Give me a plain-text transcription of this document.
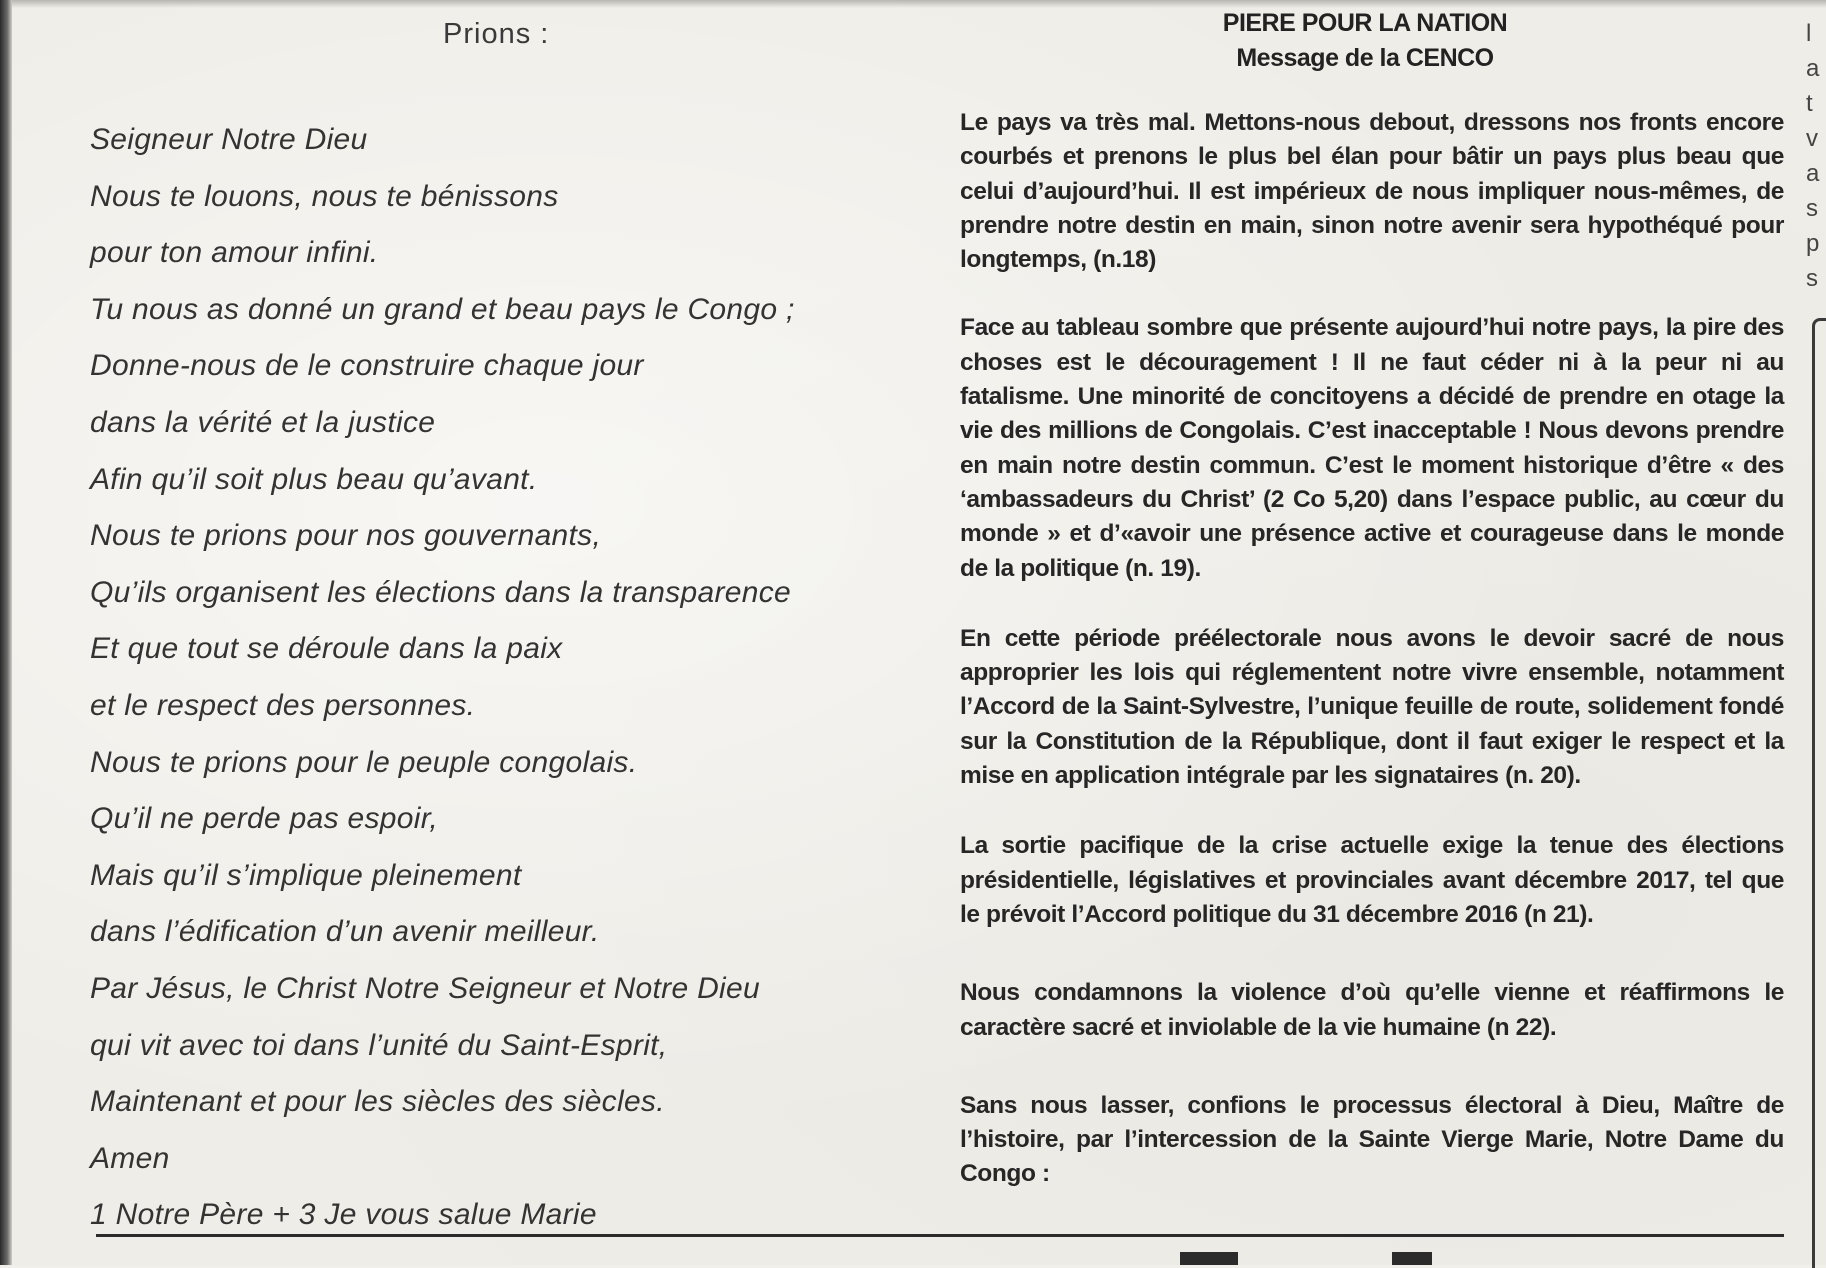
Prions :
Seigneur Notre Dieu
Nous te louons, nous te bénissons
pour ton amour infini.
Tu nous as donné un grand et beau pays le Congo ;
Donne-nous de le construire chaque jour
dans la vérité et la justice
Afin qu’il soit plus beau qu’avant.
Nous te prions pour nos gouvernants,
Qu’ils organisent les élections dans la transparence
Et que tout se déroule dans la paix
et le respect des personnes.
Nous te prions pour le peuple congolais.
Qu’il ne perde pas espoir,
Mais qu’il s’implique pleinement
dans l’édification d’un avenir meilleur.
Par Jésus, le Christ Notre Seigneur et Notre Dieu
qui vit avec toi dans l’unité du Saint-Esprit,
Maintenant et pour les siècles des siècles.
Amen
1 Notre Père + 3 Je vous salue Marie
PIERE POUR LA NATION
Message de la CENCO

Le pays va très mal. Mettons-nous debout, dressons nos fronts encore courbés et prenons le plus bel élan pour bâtir un pays plus beau que celui d’aujourd’hui. Il est impérieux de nous impliquer nous-mêmes, de prendre notre destin en main, sinon notre avenir sera hypothéqué pour longtemps, (n.18)

Face au tableau sombre que présente aujourd’hui notre pays, la pire des choses est le découragement ! Il ne faut céder ni à la peur ni au fatalisme. Une minorité de concitoyens a décidé de prendre en otage la vie des millions de Congolais. C’est inacceptable ! Nous devons prendre en main notre destin commun. C’est le moment historique d’être « des ‘ambassadeurs du Christ’ (2 Co 5,20) dans l’espace public, au cœur du monde » et d’«avoir une présence active et courageuse dans le monde de la politique (n. 19).

En cette période préélectorale nous avons le devoir sacré de nous approprier les lois qui réglementent notre vivre ensemble, notamment l’Accord de la Saint-Sylvestre, l’unique feuille de route, solidement fondé sur la Constitution de la République, dont il faut exiger le respect et la mise en application intégrale par les signataires (n. 20).

La sortie pacifique de la crise actuelle exige la tenue des élections présidentielle, législatives et provinciales avant décembre 2017, tel que le prévoit l’Accord politique du 31 décembre 2016 (n 21).

Nous condamnons la violence d’où qu’elle vienne et réaffirmons le caractère sacré et inviolable de la vie humaine (n 22).

Sans nous lasser, confions le processus électoral à Dieu, Maître de l’histoire, par l’intercession de la Sainte Vierge Marie, Notre Dame du Congo :

l
a
t
v
a
s
p
s
